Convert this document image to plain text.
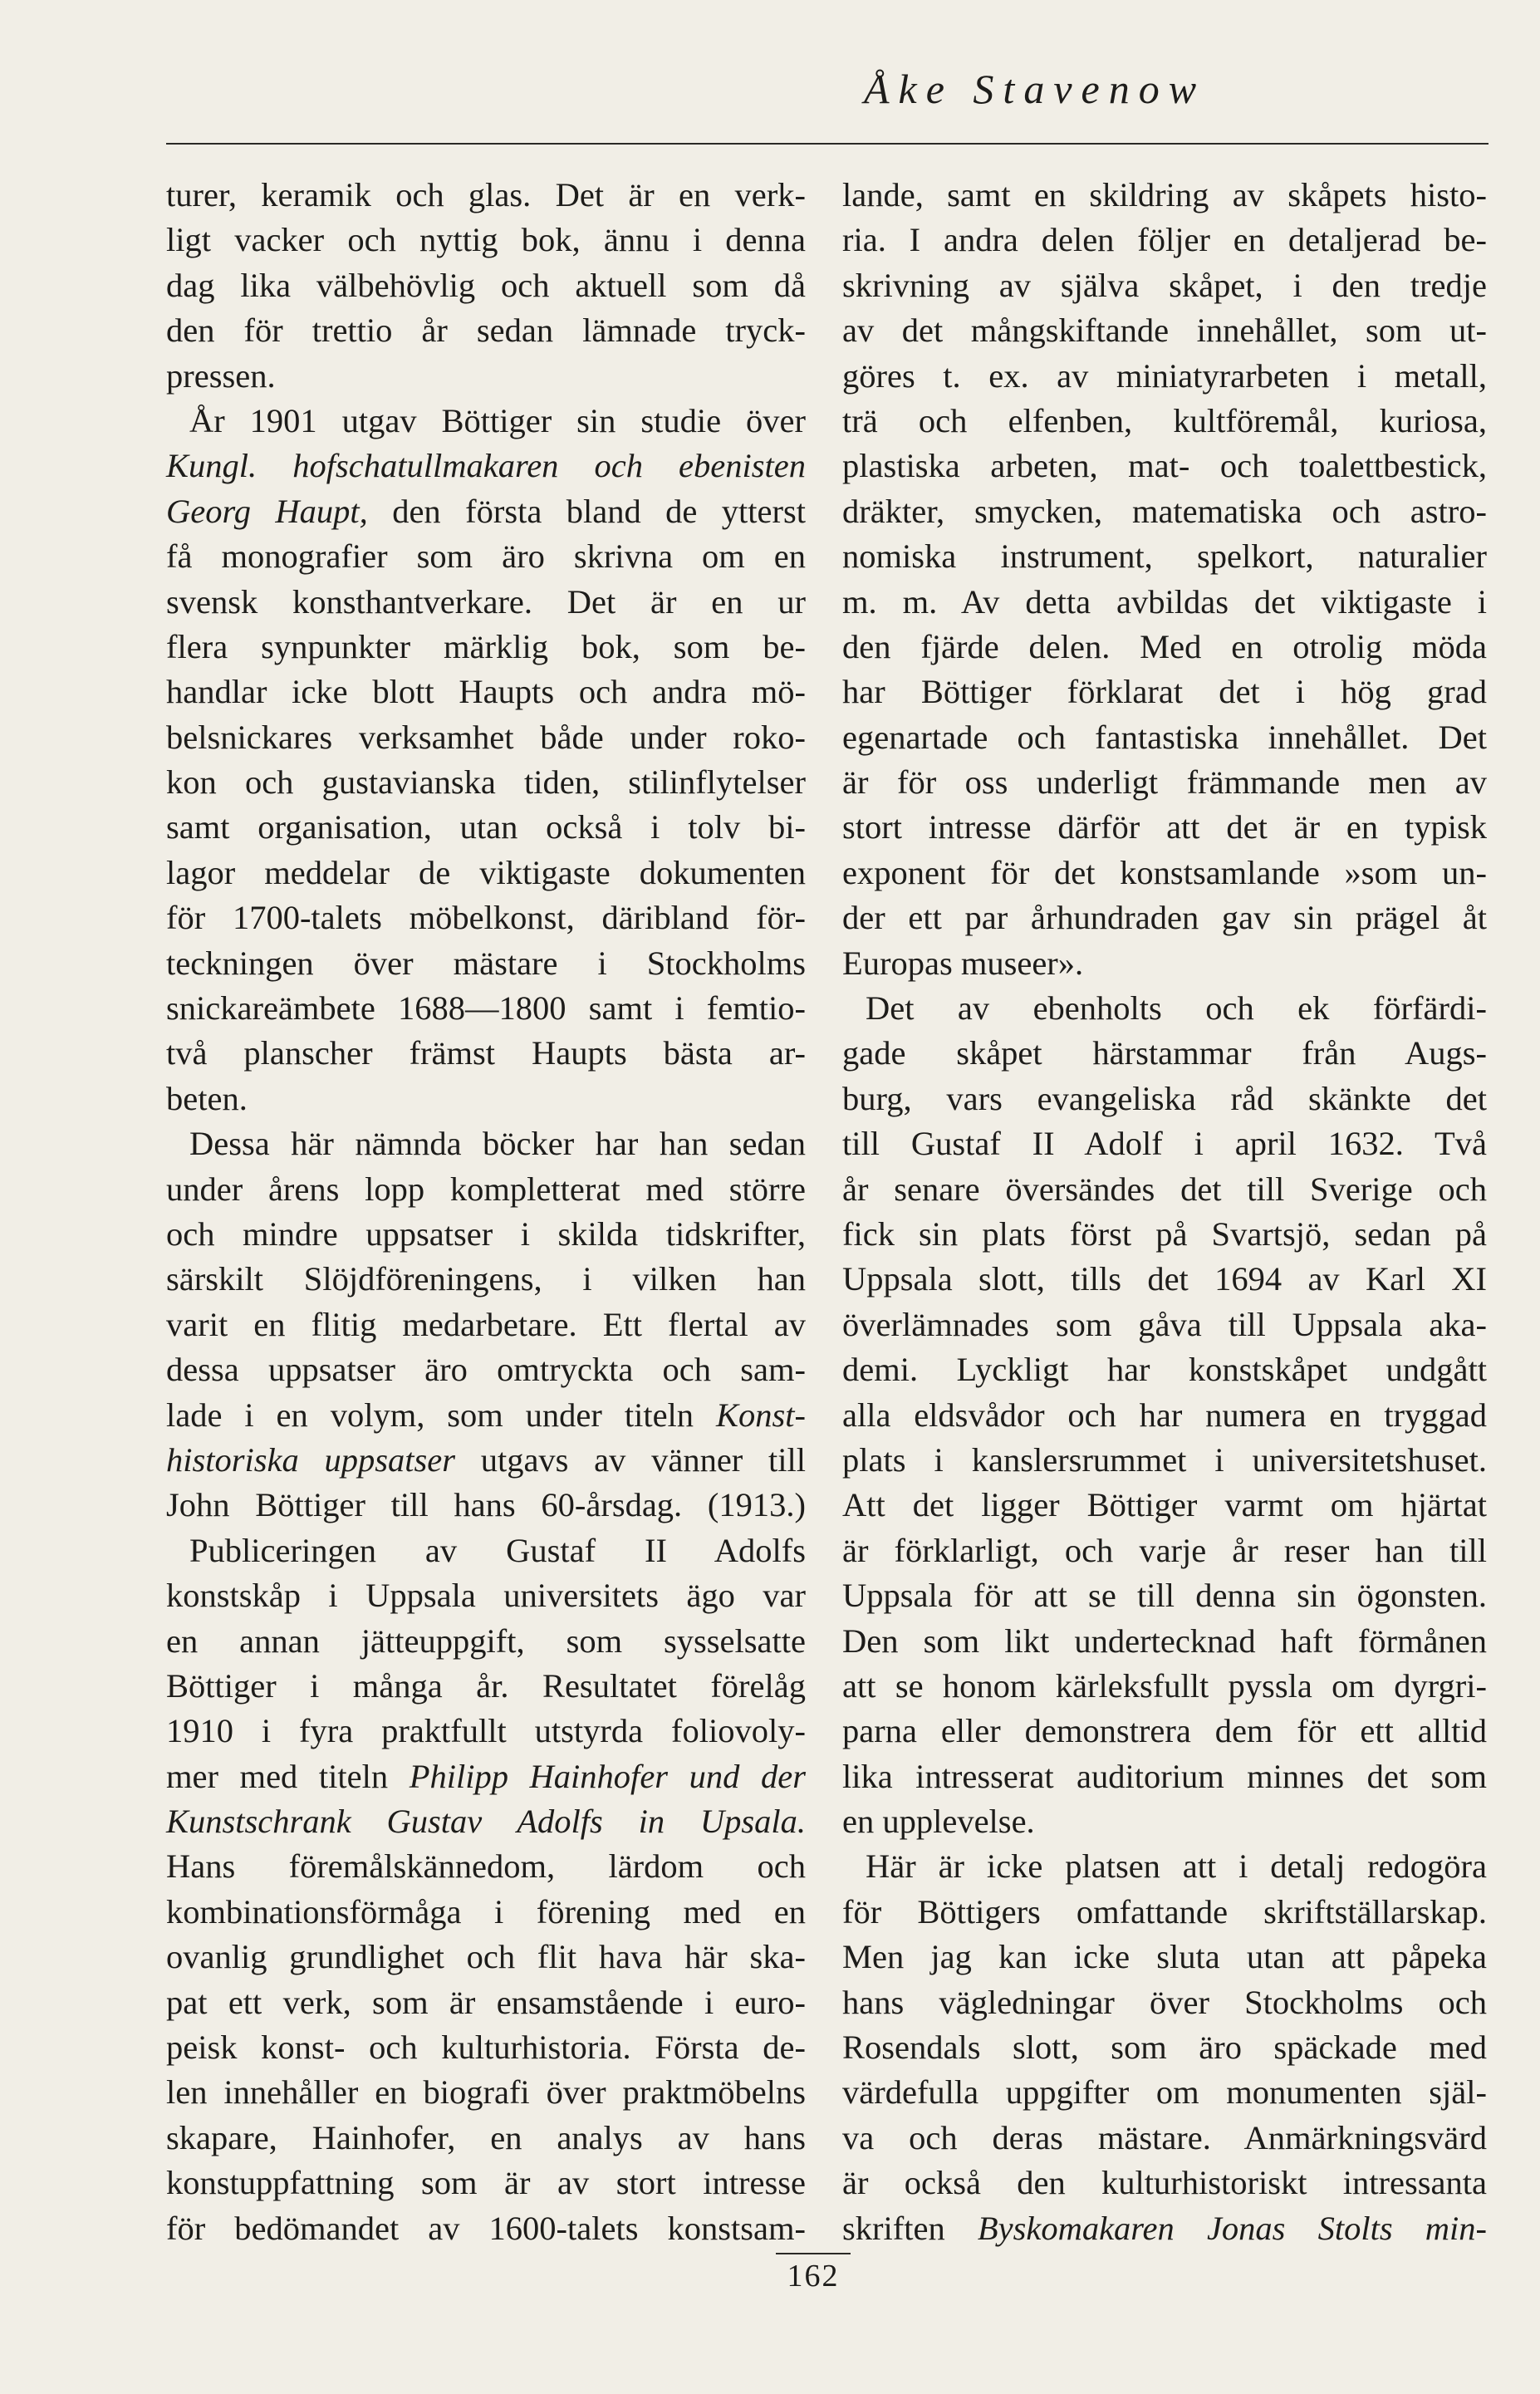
Åke Stavenow
turer, keramik och glas. Det är en verk-
ligt vacker och nyttig bok, ännu i denna
dag lika välbehövlig och aktuell som då
den för trettio år sedan lämnade tryck-
pressen.
År 1901 utgav Böttiger sin studie över
Kungl. hofschatullmakaren och ebenisten
Georg Haupt, den första bland de ytterst
få monografier som äro skrivna om en
svensk konsthantverkare. Det är en ur
flera synpunkter märklig bok, som be-
handlar icke blott Haupts och andra mö-
belsnickares verksamhet både under roko-
kon och gustavianska tiden, stilinflytelser
samt organisation, utan också i tolv bi-
lagor meddelar de viktigaste dokumenten
för 1700-talets möbelkonst, däribland för-
teckningen över mästare i Stockholms
snickareämbete 1688—1800 samt i femtio-
två planscher främst Haupts bästa ar-
beten.
Dessa här nämnda böcker har han sedan
under årens lopp kompletterat med större
och mindre uppsatser i skilda tidskrifter,
särskilt Slöjdföreningens, i vilken han
varit en flitig medarbetare. Ett flertal av
dessa uppsatser äro omtryckta och sam-
lade i en volym, som under titeln Konst-
historiska uppsatser utgavs av vänner till
John Böttiger till hans 60-årsdag. (1913.)
Publiceringen av Gustaf II Adolfs
konstskåp i Uppsala universitets ägo var
en annan jätteuppgift, som sysselsatte
Böttiger i många år. Resultatet förelåg
1910 i fyra praktfullt utstyrda foliovoly-
mer med titeln Philipp Hainhofer und der
Kunstschrank Gustav Adolfs in Upsala.
Hans föremålskännedom, lärdom och
kombinationsförmåga i förening med en
ovanlig grundlighet och flit hava här ska-
pat ett verk, som är ensamstående i euro-
peisk konst- och kulturhistoria. Första de-
len innehåller en biografi över praktmöbelns
skapare, Hainhofer, en analys av hans
konstuppfattning som är av stort intresse
för bedömandet av 1600-talets konstsam-
lande, samt en skildring av skåpets histo-
ria. I andra delen följer en detaljerad be-
skrivning av själva skåpet, i den tredje
av det mångskiftande innehållet, som ut-
göres t. ex. av miniatyrarbeten i metall,
trä och elfenben, kultföremål, kuriosa,
plastiska arbeten, mat- och toalettbestick,
dräkter, smycken, matematiska och astro-
nomiska instrument, spelkort, naturalier
m. m. Av detta avbildas det viktigaste i
den fjärde delen. Med en otrolig möda
har Böttiger förklarat det i hög grad
egenartade och fantastiska innehållet. Det
är för oss underligt främmande men av
stort intresse därför att det är en typisk
exponent för det konstsamlande »som un-
der ett par århundraden gav sin prägel åt
Europas museer».
Det av ebenholts och ek förfärdi-
gade skåpet härstammar från Augs-
burg, vars evangeliska råd skänkte det
till Gustaf II Adolf i april 1632. Två
år senare översändes det till Sverige och
fick sin plats först på Svartsjö, sedan på
Uppsala slott, tills det 1694 av Karl XI
överlämnades som gåva till Uppsala aka-
demi. Lyckligt har konstskåpet undgått
alla eldsvådor och har numera en tryggad
plats i kanslersrummet i universitetshuset.
Att det ligger Böttiger varmt om hjärtat
är förklarligt, och varje år reser han till
Uppsala för att se till denna sin ögonsten.
Den som likt undertecknad haft förmånen
att se honom kärleksfullt pyssla om dyrgri-
parna eller demonstrera dem för ett alltid
lika intresserat auditorium minnes det som
en upplevelse.
Här är icke platsen att i detalj redogöra
för Böttigers omfattande skriftställarskap.
Men jag kan icke sluta utan att påpeka
hans vägledningar över Stockholms och
Rosendals slott, som äro späckade med
värdefulla uppgifter om monumenten själ-
va och deras mästare. Anmärkningsvärd
är också den kulturhistoriskt intressanta
skriften Byskomakaren Jonas Stolts min-
162
